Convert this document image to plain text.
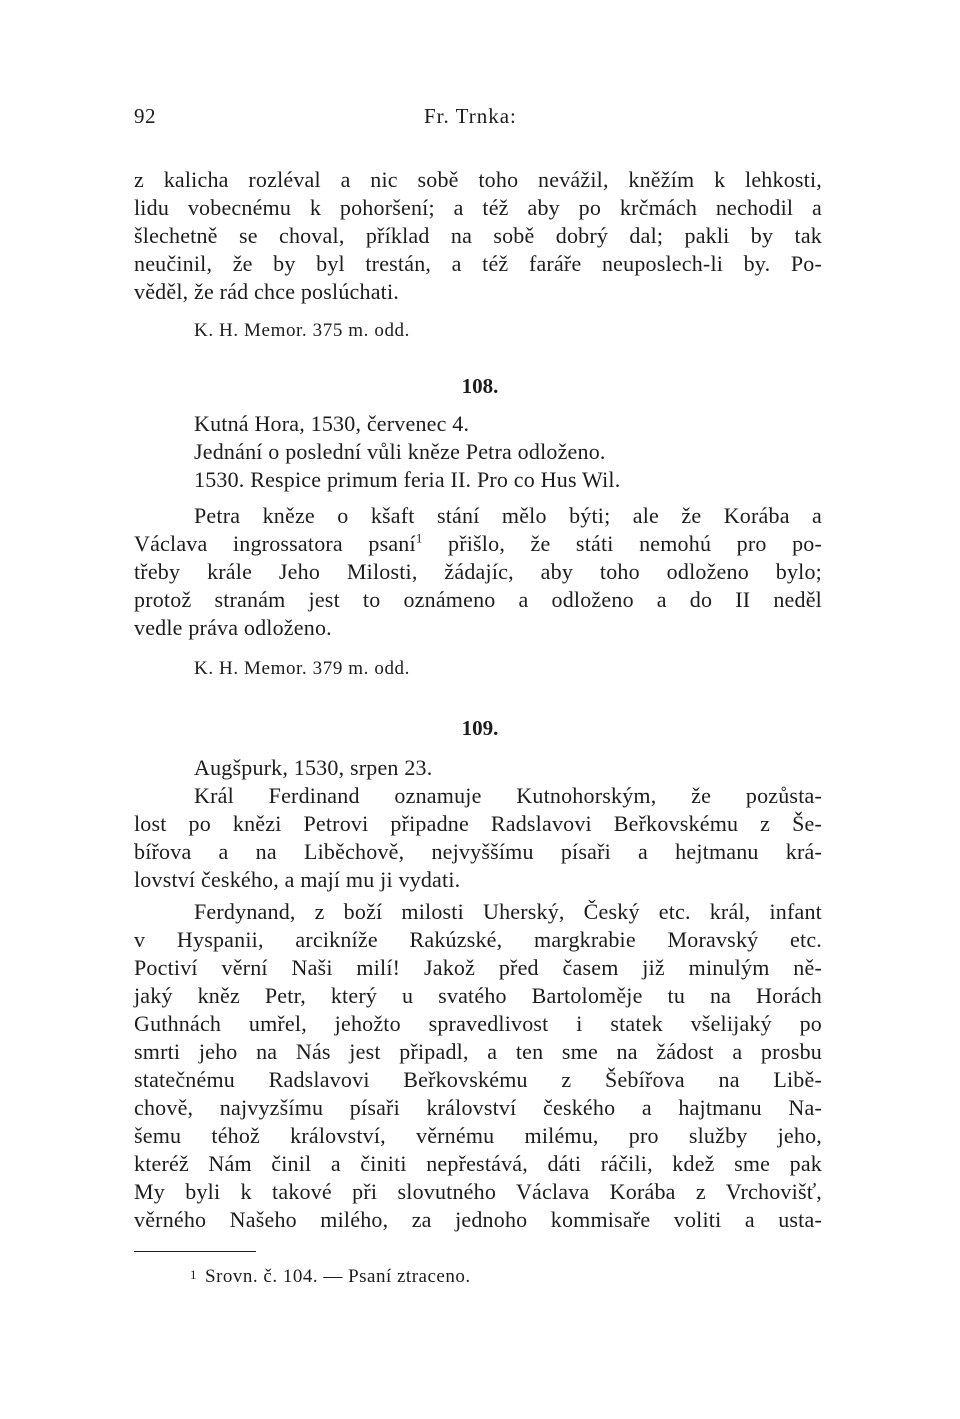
92	Fr. Trnka:

z kalicha rozléval a nic sobě toho nevážil, kněžím k lehkosti,

lidu vobecnému k pohoršení; a též aby po krčmách nechodil a

šlechetně se choval, příklad na sobě dobrý dal; pakli by tak

neučinil, že by byl trestán, a též faráře neuposlech-li by. Po-

věděl, že rád chce poslúchati.

K. H. Memor. 375 m. odd.
108.

Kutná Hora, 1530, červenec 4.

Jednání o poslední vůli kněze Petra odloženo.

1530. Respice primum feria II. Pro co Hus Wil.

Petra kněze o kšaft stání mělo býti; ale že Korába a

Václava ingrossatora psaní$^1$ přišlo, že státi nemohú pro po-

třeby krále Jeho Milosti, žádajíc, aby toho odloženo bylo;

protož stranám jest to oznámeno a odloženo a do II neděl

vedle práva odloženo.

K. H. Memor. 379 m. odd.
109.

Augšpurk, 1530, srpen 23.

Král Ferdinand oznamuje Kutnohorským, že pozůsta-

lost po knězi Petrovi připadne Radslavovi Beřkovskému z Še-

bířova a na Liběchově, nejvyššímu písaři a hejtmanu krá-

lovství českého, a mají mu ji vydati.

Ferdynand, z boží milosti Uherský, Český etc. král, infant

v Hyspanii, arcikníže Rakúzské, margkrabie Moravský etc.

Poctiví věrní Naši milí! Jakož před časem již minulým ně-

jaký kněz Petr, který u svatého Bartoloměje tu na Horách

Guthnách umřel, jehožto spravedlivost i statek všelijaký po

smrti jeho na Nás jest připadl, a ten sme na žádost a prosbu

statečnému Radslavovi Beřkovskému z Šebířova na Libě-

chově, najvyzšímu písaři království českého a hajtmanu Na-

šemu téhož království, věrnému milému, pro služby jeho,

kteréž Nám činil a činiti nepřestává, dáti ráčili, kdež sme pak

My byli k takové při slovutného Václava Korába z Vrchovišť,

věrného Našeho milého, za jednoho kommisaře voliti a usta-

$^1$ Srovn. č. 104. — Psaní ztraceno.
